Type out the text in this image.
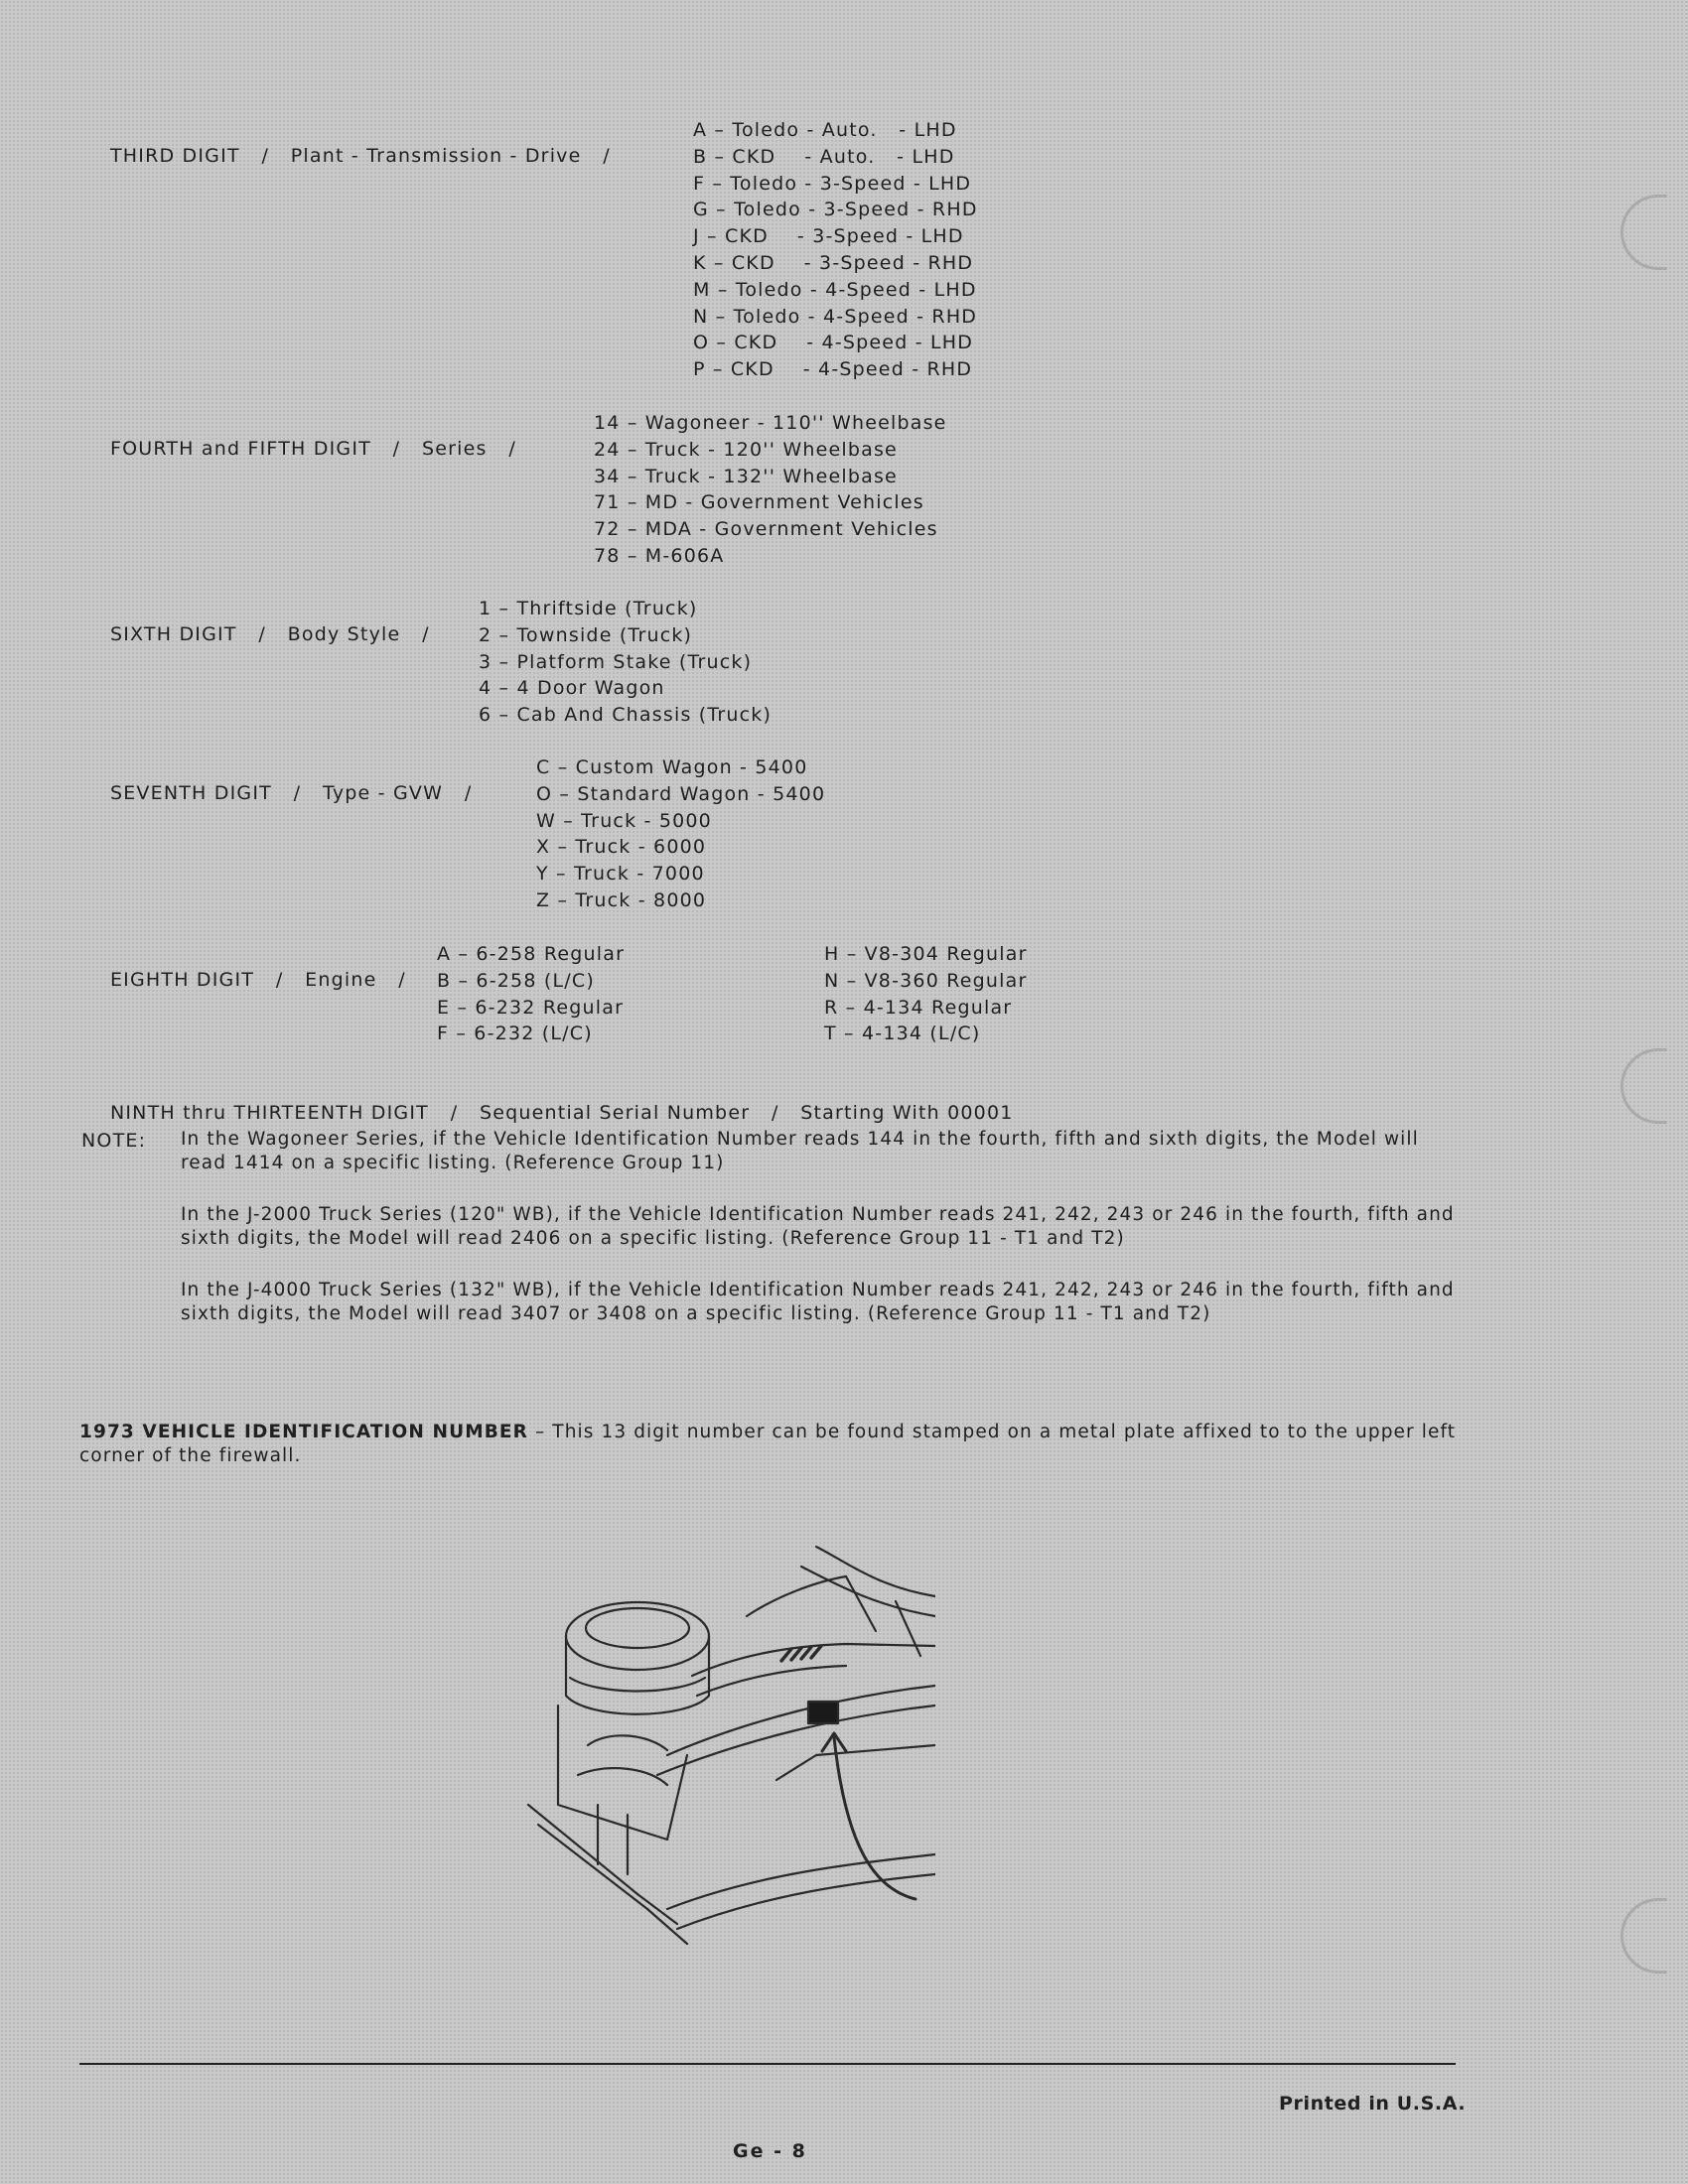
THIRD DIGIT / Plant - Transmission - Drive /

A – Toledo - Auto.   - LHD
B – CKD    - Auto.   - LHD
F – Toledo - 3-Speed - LHD
G – Toledo - 3-Speed - RHD
J – CKD    - 3-Speed - LHD
K – CKD    - 3-Speed - RHD
M – Toledo - 4-Speed - LHD
N – Toledo - 4-Speed - RHD
O – CKD    - 4-Speed - LHD
P – CKD    - 4-Speed - RHD

FOURTH and FIFTH DIGIT / Series /

14 – Wagoneer - 110'' Wheelbase
24 – Truck - 120'' Wheelbase
34 – Truck - 132'' Wheelbase
71 – MD - Government Vehicles
72 – MDA - Government Vehicles
78 – M-606A

SIXTH DIGIT / Body Style /

1 – Thriftside (Truck)
2 – Townside (Truck)
3 – Platform Stake (Truck)
4 – 4 Door Wagon
6 – Cab And Chassis (Truck)

SEVENTH DIGIT / Type - GVW /

C – Custom Wagon - 5400
O – Standard Wagon - 5400
W – Truck - 5000
X – Truck - 6000
Y – Truck - 7000
Z – Truck - 8000

EIGHTH DIGIT / Engine /

A – 6-258 Regular
B – 6-258 (L/C)
E – 6-232 Regular
F – 6-232 (L/C)
H – V8-304 Regular
N – V8-360 Regular
R – 4-134 Regular
T – 4-134 (L/C)

NINTH thru THIRTEENTH DIGIT / Sequential Serial Number / Starting With 00001

NOTE: In the Wagoneer Series, if the Vehicle Identification Number reads 144 in the fourth, fifth and sixth digits, the Model will read 1414 on a specific listing. (Reference Group 11)
In the J-2000 Truck Series (120" WB), if the Vehicle Identification Number reads 241, 242, 243 or 246 in the fourth, fifth and sixth digits, the Model will read 2406 on a specific listing. (Reference Group 11 - T1 and T2)
In the J-4000 Truck Series (132" WB), if the Vehicle Identification Number reads 241, 242, 243 or 246 in the fourth, fifth and sixth digits, the Model will read 3407 or 3408 on a specific listing. (Reference Group 11 - T1 and T2)
1973 VEHICLE IDENTIFICATION NUMBER – This 13 digit number can be found stamped on a metal plate affixed to to the upper left corner of the firewall.
Printed in U.S.A.
Ge - 8
